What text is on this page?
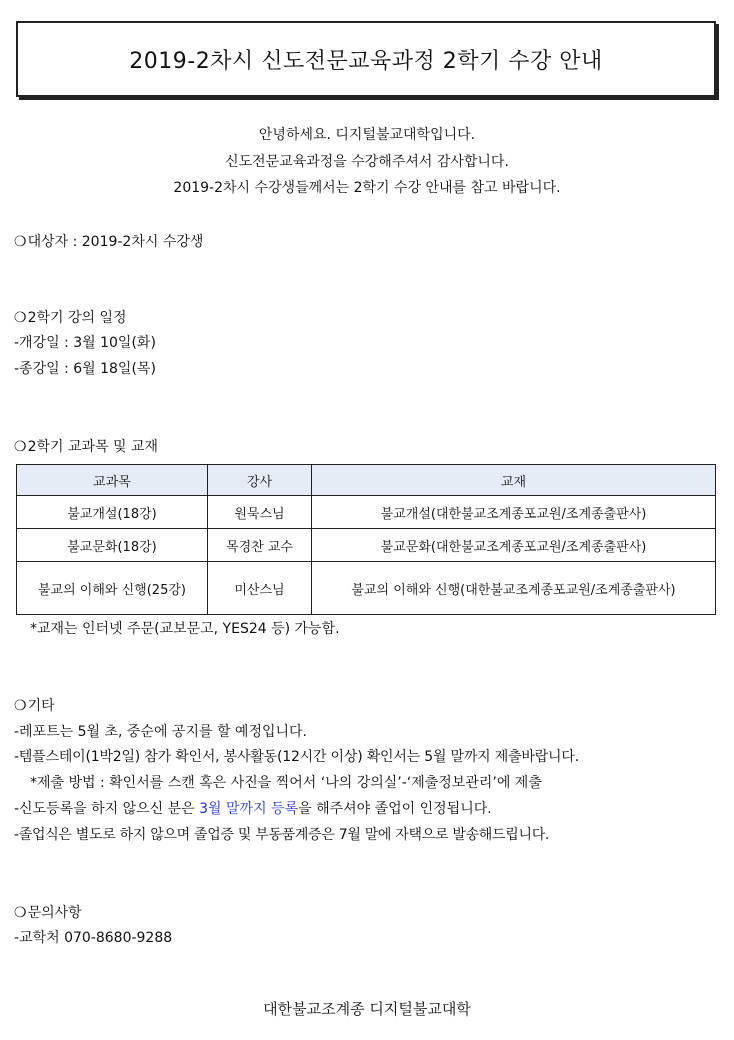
2019-2차시 신도전문교육과정 2학기 수강 안내
안녕하세요. 디지털불교대학입니다.
신도전문교육과정을 수강해주셔서 감사합니다.
2019-2차시 수강생들께서는 2학기 수강 안내를 참고 바랍니다.
❍대상자 : 2019-2차시 수강생
❍2학기 강의 일정
-개강일 : 3월 10일(화)
-종강일 : 6월 18일(목)
❍2학기 교과목 및 교재
교과목	강사	교재
불교개설(18강)	원묵스님	불교개설(대한불교조계종포교원/조계종출판사)
불교문화(18강)	목경찬 교수	불교문화(대한불교조계종포교원/조계종출판사)
불교의 이해와 신행(25강)	미산스님	불교의 이해와 신행(대한불교조계종포교원/조계종출판사)
*교재는 인터넷 주문(교보문고, YES24 등) 가능함.
❍기타
-레포트는 5월 초, 중순에 공지를 할 예정입니다.
-템플스테이(1박2일) 참가 확인서, 봉사활동(12시간 이상) 확인서는 5월 말까지 제출바랍니다.
*제출 방법 : 확인서를 스캔 혹은 사진을 찍어서 ‘나의 강의실’-‘제출정보관리’에 제출
-신도등록을 하지 않으신 분은 3월 말까지 등록을 해주셔야 졸업이 인정됩니다.
-졸업식은 별도로 하지 않으며 졸업증 및 부동품계증은 7월 말에 자택으로 발송해드립니다.
❍문의사항
-교학처 070-8680-9288
대한불교조계종 디지털불교대학
